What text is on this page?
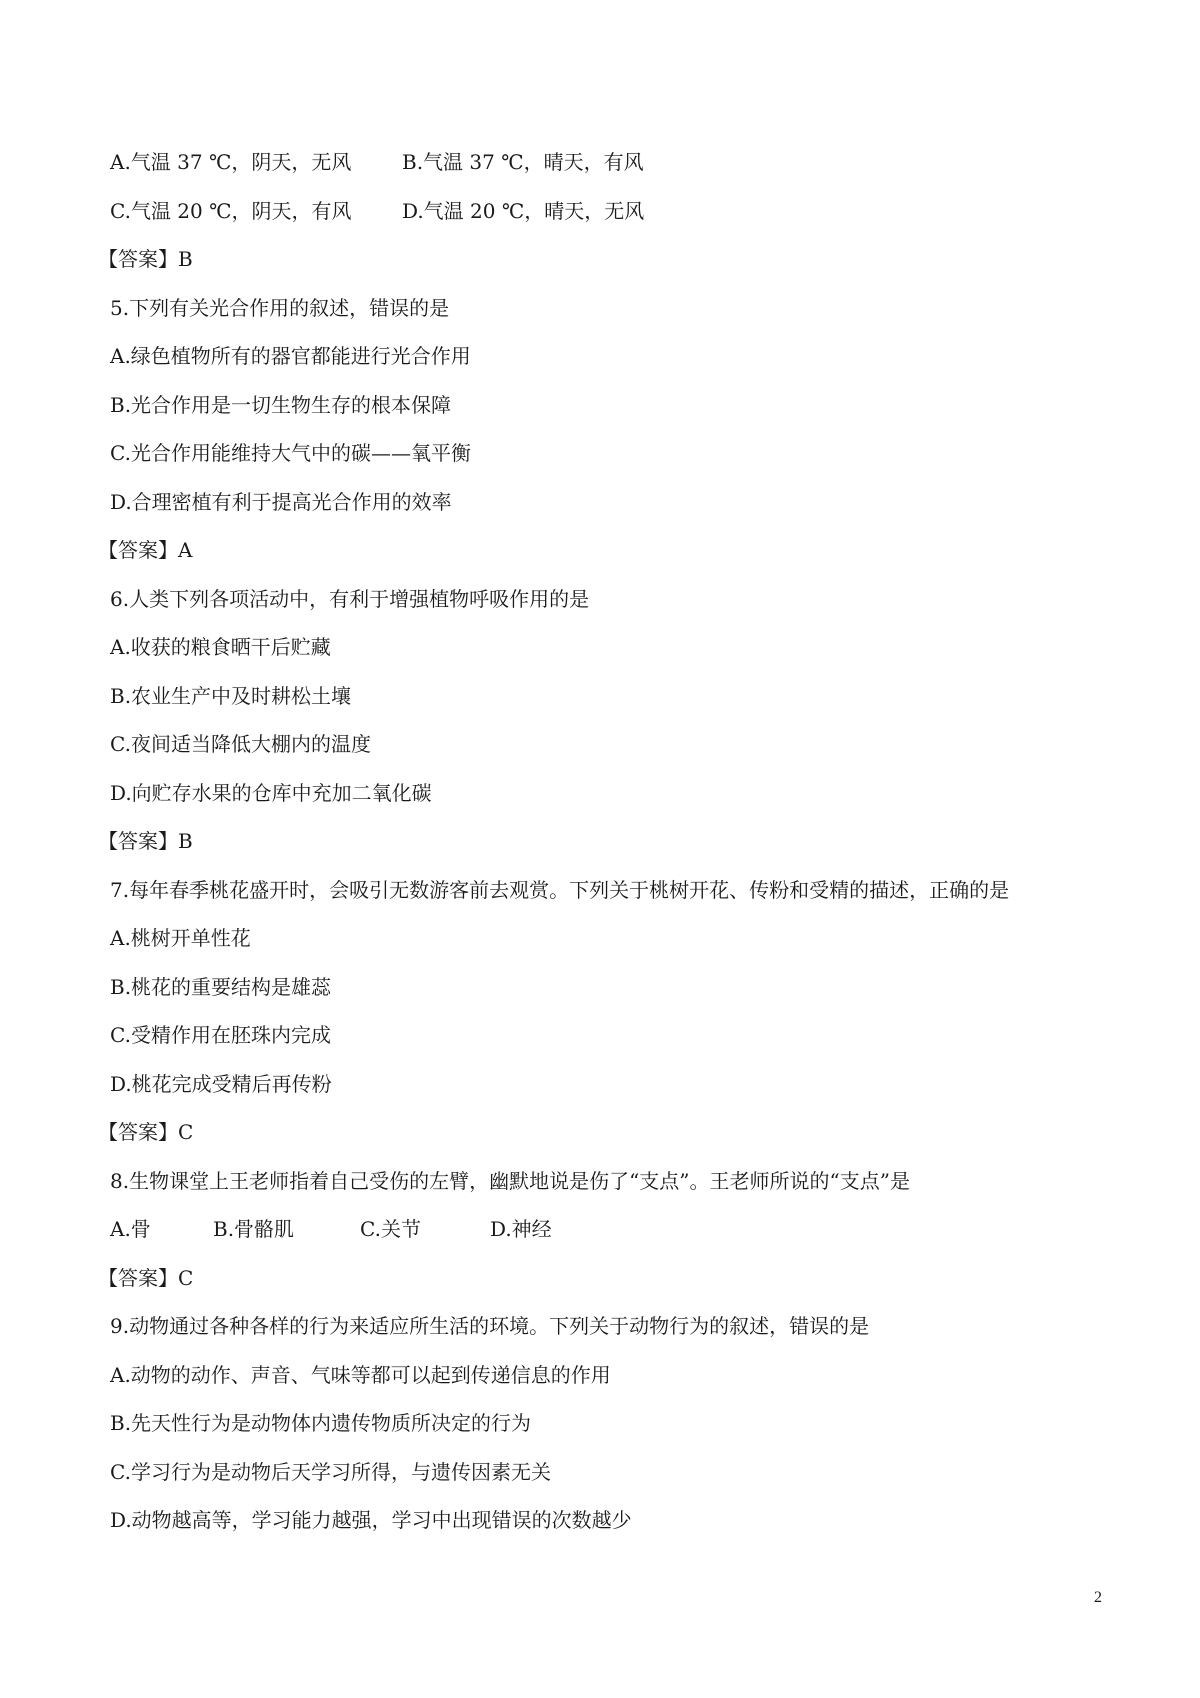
A.气温 37 ℃，阴天，无风	B.气温 37 ℃，晴天，有风
C.气温 20 ℃，阴天，有风	D.气温 20 ℃，晴天，无风
【答案】B
5.下列有关光合作用的叙述，错误的是
A.绿色植物所有的器官都能进行光合作用
B.光合作用是一切生物生存的根本保障
C.光合作用能维持大气中的碳——氧平衡
D.合理密植有利于提高光合作用的效率
【答案】A
6.人类下列各项活动中，有利于增强植物呼吸作用的是
A.收获的粮食晒干后贮藏
B.农业生产中及时耕松土壤
C.夜间适当降低大棚内的温度
D.向贮存水果的仓库中充加二氧化碳
【答案】B
7.每年春季桃花盛开时，会吸引无数游客前去观赏。下列关于桃树开花、传粉和受精的描述，正确的是
A.桃树开单性花
B.桃花的重要结构是雄蕊
C.受精作用在胚珠内完成
D.桃花完成受精后再传粉
【答案】C
8.生物课堂上王老师指着自己受伤的左臂，幽默地说是伤了“支点”。王老师所说的“支点”是
A.骨	B.骨骼肌	C.关节	D.神经
【答案】C
9.动物通过各种各样的行为来适应所生活的环境。下列关于动物行为的叙述，错误的是
A.动物的动作、声音、气味等都可以起到传递信息的作用
B.先天性行为是动物体内遗传物质所决定的行为
C.学习行为是动物后天学习所得，与遗传因素无关
D.动物越高等，学习能力越强，学习中出现错误的次数越少
2
